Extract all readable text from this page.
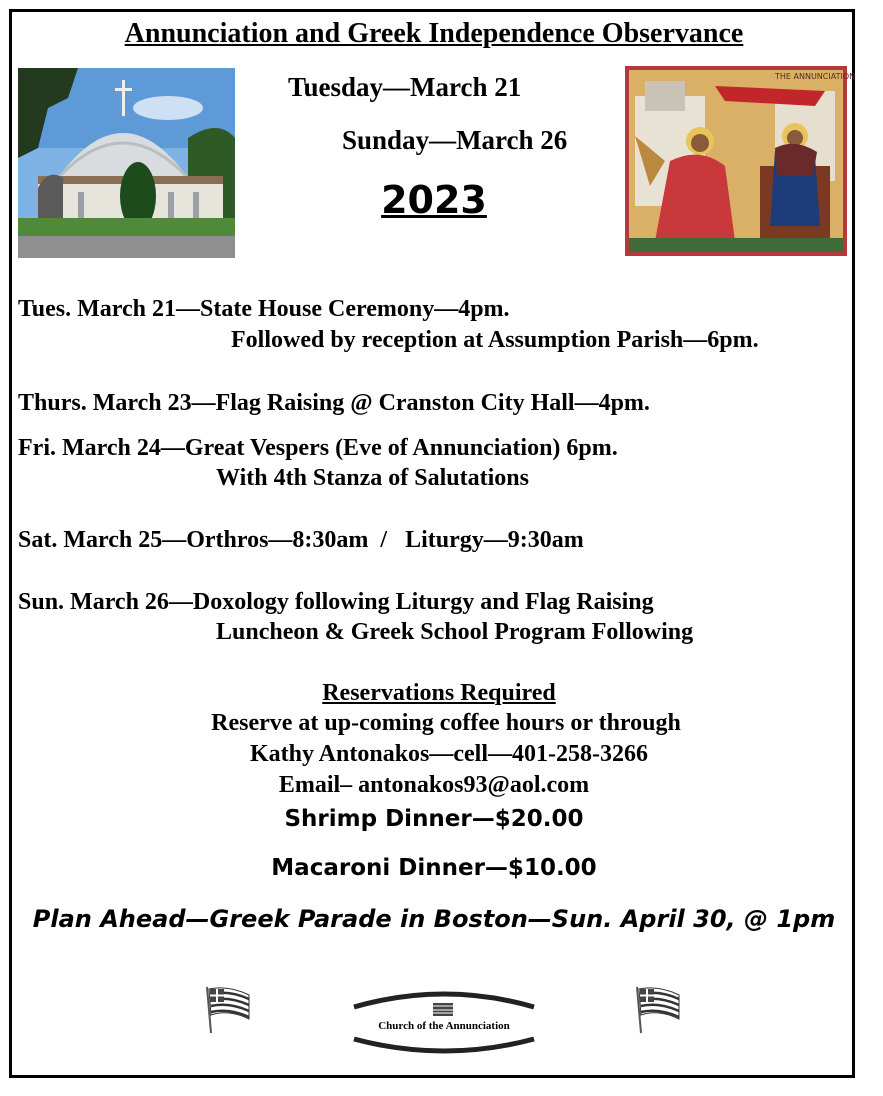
Annunciation and Greek Independence Observance

Tuesday—March 21

Sunday—March 26

2023

THE ANNUNCIATION

Tues. March 21—State House Ceremony—4pm.

Followed by reception at Assumption Parish—6pm.

Thurs. March 23—Flag Raising @ Cranston City Hall—4pm.

Fri. March 24—Great Vespers (Eve of Annunciation) 6pm.

With 4th Stanza of Salutations

Sat. March 25—Orthros—8:30am  /   Liturgy—9:30am

Sun. March 26—Doxology following Liturgy and Flag Raising

Luncheon & Greek School Program Following

Reservations Required

Reserve at up-coming coffee hours or through

Kathy Antonakos—cell—401-258-3266

Email– antonakos93@aol.com

Shrimp Dinner—$20.00

Macaroni Dinner—$10.00

Plan Ahead—Greek Parade in Boston—Sun. April 30, @ 1pm

Church of the Annunciation
